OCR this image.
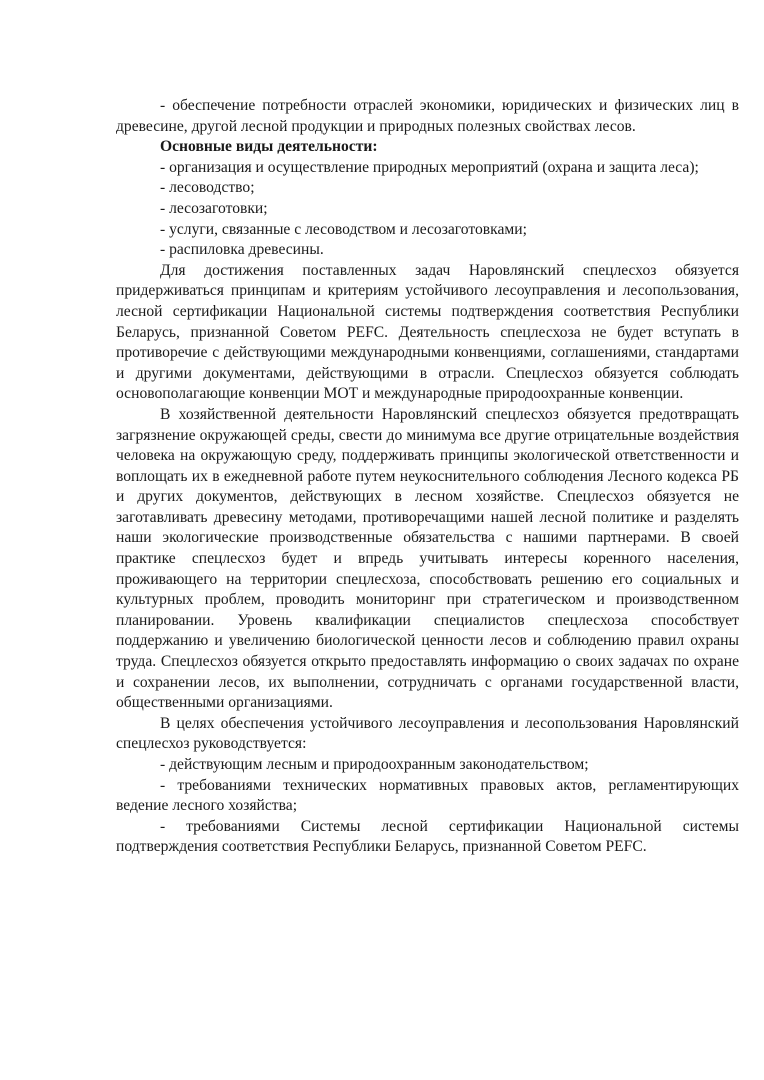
- обеспечение потребности отраслей экономики, юридических и физических лиц в древесине, другой лесной продукции и природных полезных свойствах лесов.

Основные виды деятельности:

- организация и осуществление природных мероприятий (охрана и защита леса);

- лесоводство;

- лесозаготовки;

- услуги, связанные с лесоводством и лесозаготовками;

- распиловка древесины.

Для достижения поставленных задач Наровлянский спецлесхоз обязуется придерживаться принципам и критериям устойчивого лесоуправления и лесопользования, лесной сертификации Национальной системы подтверждения соответствия Республики Беларусь, признанной Советом PEFC. Деятельность спецлесхоза не будет вступать в противоречие с действующими международными конвенциями, соглашениями, стандартами и другими документами, действующими в отрасли. Спецлесхоз обязуется соблюдать основополагающие конвенции МОТ и международные природоохранные конвенции.

В хозяйственной деятельности Наровлянский спецлесхоз обязуется предотвращать загрязнение окружающей среды, свести до минимума все другие отрицательные воздействия человека на окружающую среду, поддерживать принципы экологической ответственности и воплощать их в ежедневной работе путем неукоснительного соблюдения Лесного кодекса РБ и других документов, действующих в лесном хозяйстве. Спецлесхоз обязуется не заготавливать древесину методами, противоречащими нашей лесной политике и разделять наши экологические производственные обязательства с нашими партнерами. В своей практике спецлесхоз будет и впредь учитывать интересы коренного населения, проживающего на территории спецлесхоза, способствовать решению его социальных и культурных проблем, проводить мониторинг при стратегическом и производственном планировании. Уровень квалификации специалистов спецлесхоза способствует поддержанию и увеличению биологической ценности лесов и соблюдению правил охраны труда. Спецлесхоз обязуется открыто предоставлять информацию о своих задачах по охране и сохранении лесов, их выполнении, сотрудничать с органами государственной власти, общественными организациями.

В целях обеспечения устойчивого лесоуправления и лесопользования Наровлянский спецлесхоз руководствуется:

- действующим лесным и природоохранным законодательством;

- требованиями технических нормативных правовых актов, регламентирующих ведение лесного хозяйства;

- требованиями Системы лесной сертификации Национальной системы подтверждения соответствия Республики Беларусь, признанной Советом PEFC.
